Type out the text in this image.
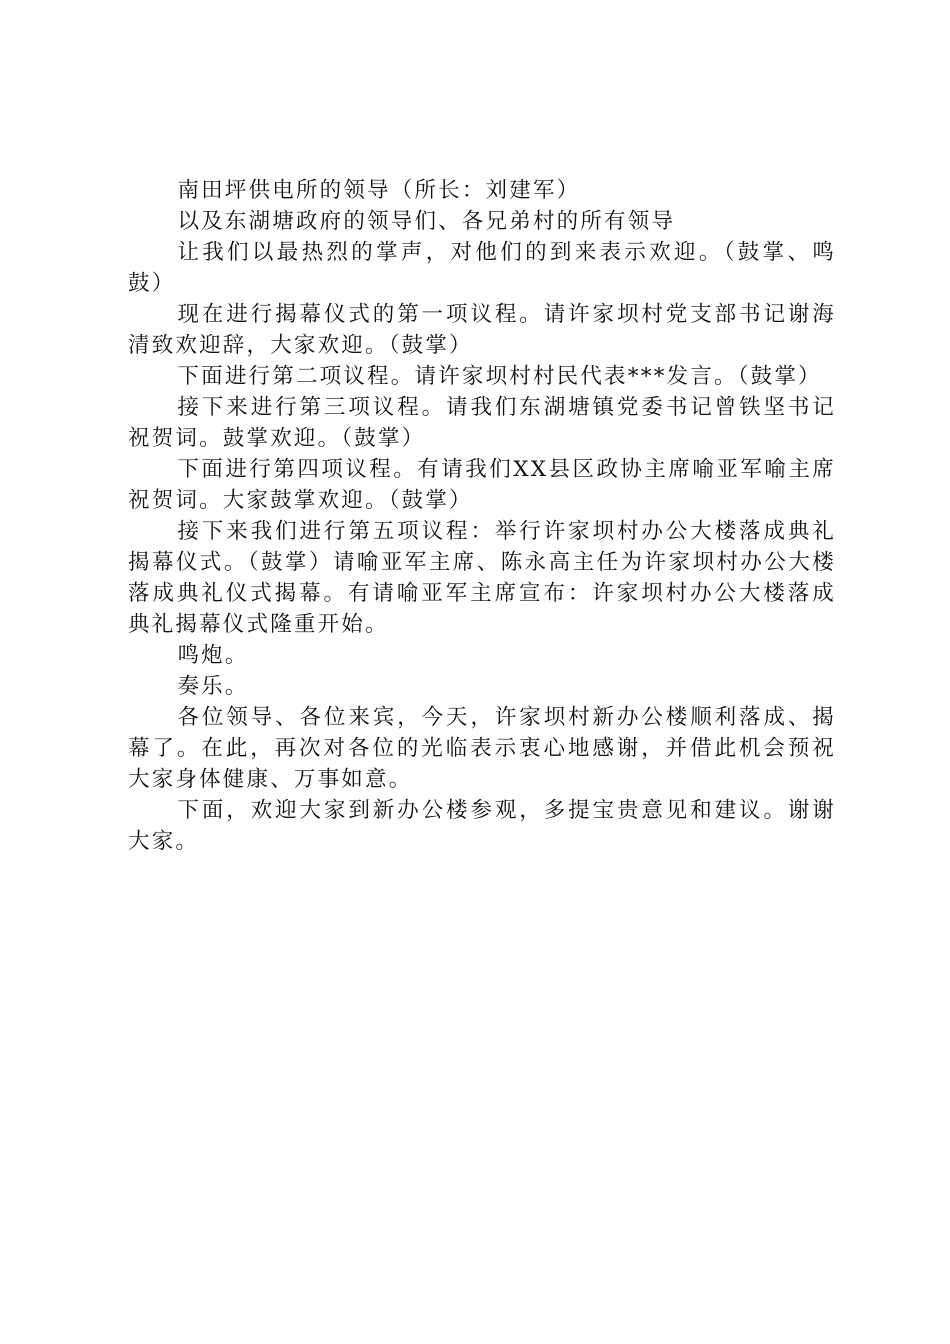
南田坪供电所的领导（所长：刘建军）

以及东湖塘政府的领导们、各兄弟村的所有领导

让我们以最热烈的掌声，对他们的到来表示欢迎。（鼓掌、鸣鼓）

现在进行揭幕仪式的第一项议程。请许家坝村党支部书记谢海清致欢迎辞，大家欢迎。（鼓掌）

下面进行第二项议程。请许家坝村村民代表***发言。（鼓掌）

接下来进行第三项议程。请我们东湖塘镇党委书记曾铁坚书记祝贺词。鼓掌欢迎。（鼓掌）

下面进行第四项议程。有请我们XX县区政协主席喻亚军喻主席祝贺词。大家鼓掌欢迎。（鼓掌）

接下来我们进行第五项议程：举行许家坝村办公大楼落成典礼揭幕仪式。（鼓掌）请喻亚军主席、陈永高主任为许家坝村办公大楼落成典礼仪式揭幕。有请喻亚军主席宣布：许家坝村办公大楼落成典礼揭幕仪式隆重开始。

鸣炮。

奏乐。

各位领导、各位来宾，今天，许家坝村新办公楼顺利落成、揭幕了。在此，再次对各位的光临表示衷心地感谢，并借此机会预祝大家身体健康、万事如意。

下面，欢迎大家到新办公楼参观，多提宝贵意见和建议。谢谢大家。
